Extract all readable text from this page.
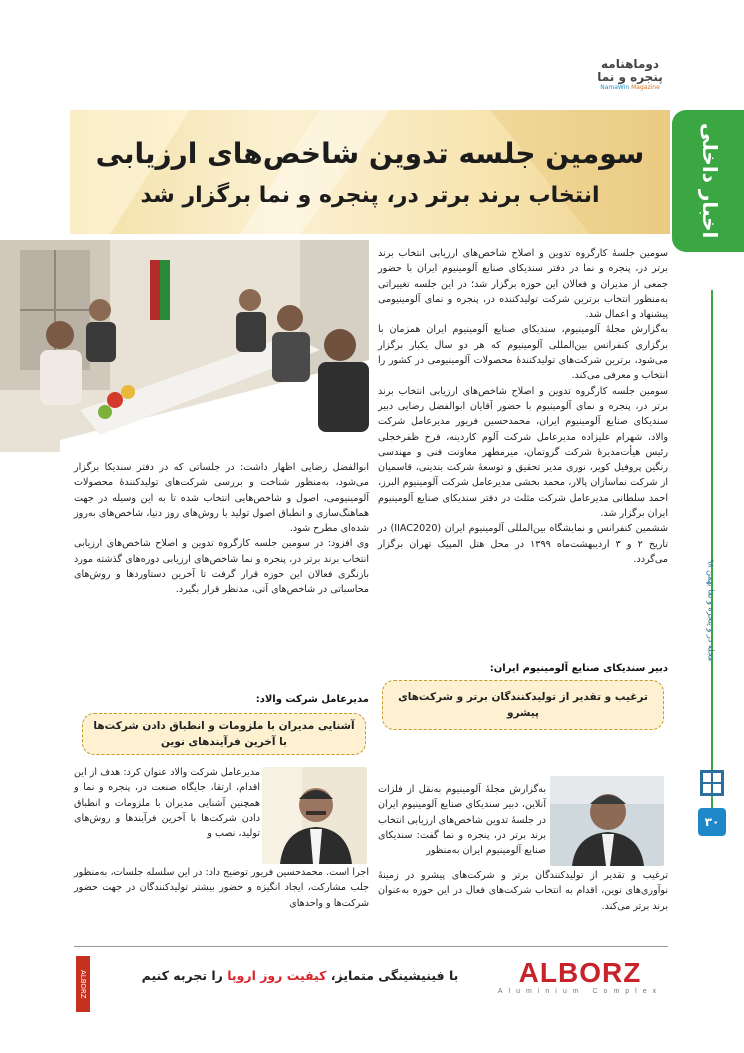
دوماهنامه پنجره و نما
NamaWin Magazine
اخبار داخلی
سومین جلسه تدوین شاخص‌های ارزیابی
انتخاب برند برتر در، پنجره و نما برگزار شد

سومین جلسۀ کارگروه تدوین و اصلاح شاخص‌های ارزیابی انتخاب برند برتر در، پنجره و نما در دفتر سندیکای صنایع آلومینیوم ایران با حضور جمعی از مدیران و فعالان این حوزه برگزار شد؛ در این جلسه تغییراتی به‌منظور انتخاب برترین شرکت تولیدکننده در، پنجره و نمای آلومینیومی پیشنهاد و اعمال شد.

به‌گزارش مجلۀ آلومینیوم، سندیکای صنایع آلومینیوم ایران همزمان با برگزاری کنفرانس بین‌المللی آلومینیوم که هر دو سال یکبار برگزار می‌شود، برترین شرکت‌های تولیدکنندۀ محصولات آلومینیومی در کشور را انتخاب و معرفی می‌کند.

سومین جلسه کارگروه تدوین و اصلاح شاخص‌های ارزیابی انتخاب برند برتر در، پنجره و نمای آلومینیوم با حضور آقایان ابوالفضل رضایی دبیر سندیکای صنایع آلومینیوم ایران، محمدحسین فریور مدیرعامل شرکت والاد، شهرام علیزاده مدیرعامل شرکت آلوم کاردینه، فرخ ظفرخجلی رئیس هیأت‌مدیرۀ شرکت گروتمان، میرمطهر معاونت فنی و مهندسی رنگین پروفیل کویر، نوری مدیر تحقیق و توسعۀ شرکت بندینی، قاسمیان از شرکت نماسازان پالار، محمد بخشی مدیرعامل شرکت آلومینیوم البرز، احمد سلطانی مدیرعامل شرکت مثلث در دفتر سندیکای صنایع آلومینیوم ایران برگزار شد.

ششمین کنفرانس و نمایشگاه بین‌المللی آلومینیوم ایران (IIAC2020) در تاریخ ۲ و ۳ اردیبهشت‌ماه ۱۳۹۹ در محل هتل المپیک تهران برگزار می‌گردد.

ابوالفضل رضایی اظهار داشت: در جلساتی که در دفتر سندیکا برگزار می‌شود، به‌منظور شناخت و بررسی شرکت‌های تولیدکنندۀ محصولات آلومینیومی، اصول و شاخص‌هایی انتخاب شده تا به این وسیله در جهت هماهنگ‌سازی و انطباق اصول تولید با روش‌های روز دنیا، شاخص‌های به‌روز شده‌ای مطرح شود.

وی افزود: در سومین جلسه کارگروه تدوین و اصلاح شاخص‌های ارزیابی انتخاب برند برتر در، پنجره و نما شاخص‌های ارزیابی دوره‌های گذشته مورد بازنگری فعالان این حوزه قرار گرفت تا آخرین دستاوردها و روش‌های محاسباتی در شاخص‌های آتی، مدنظر قرار بگیرد.

دبیر سندیکای صنایع آلومینیوم ایران:
ترغیب و تقدیر از تولیدکنندگان برتر و شرکت‌های پیشرو
به‌گزارش مجلۀ آلومینیوم به‌نقل از فلزات آنلاین، دبیر سندیکای صنایع آلومینیوم ایران در جلسۀ تدوین شاخص‌های ارزیابی انتخاب برند برتر در، پنجره و نما گفت: سندیکای صنایع آلومینیوم ایران به‌منظور
ترغیب و تقدیر از تولیدکنندگان برتر و شرکت‌های پیشرو در زمینۀ نوآوری‌های نوین، اقدام به انتخاب شرکت‌های فعال در این حوزه به‌عنوان برند برتر می‌کند.
مدیرعامل شرکت والاد:
آشنایی مدیران با ملزومات و انطباق دادن شرکت‌ها با آخرین فرآیندهای نوین
مدیرعامل شرکت والاد عنوان کرد: هدف از این اقدام، ارتقا، جایگاه صنعت در، پنجره و نما و همچنین آشنایی مدیران با ملزومات و انطباق دادن شرکت‌ها با آخرین فرآیندها و روش‌های تولید، نصب و
اجرا است. محمدحسین فریور توضیح داد: در این سلسله جلسات، به‌منظور جلب مشارکت، ایجاد انگیزه و حضور بیشتر تولیدکنندگان در جهت حضور شرکت‌ها و واحدهای
مجله در و پنجره و نما بهمن ۹۸
۳۰
ALBORZ	با فینیشینگی متمایز، کیفیت روز اروپا را تجربه کنیم	ALBORZ
Aluminium Complex
